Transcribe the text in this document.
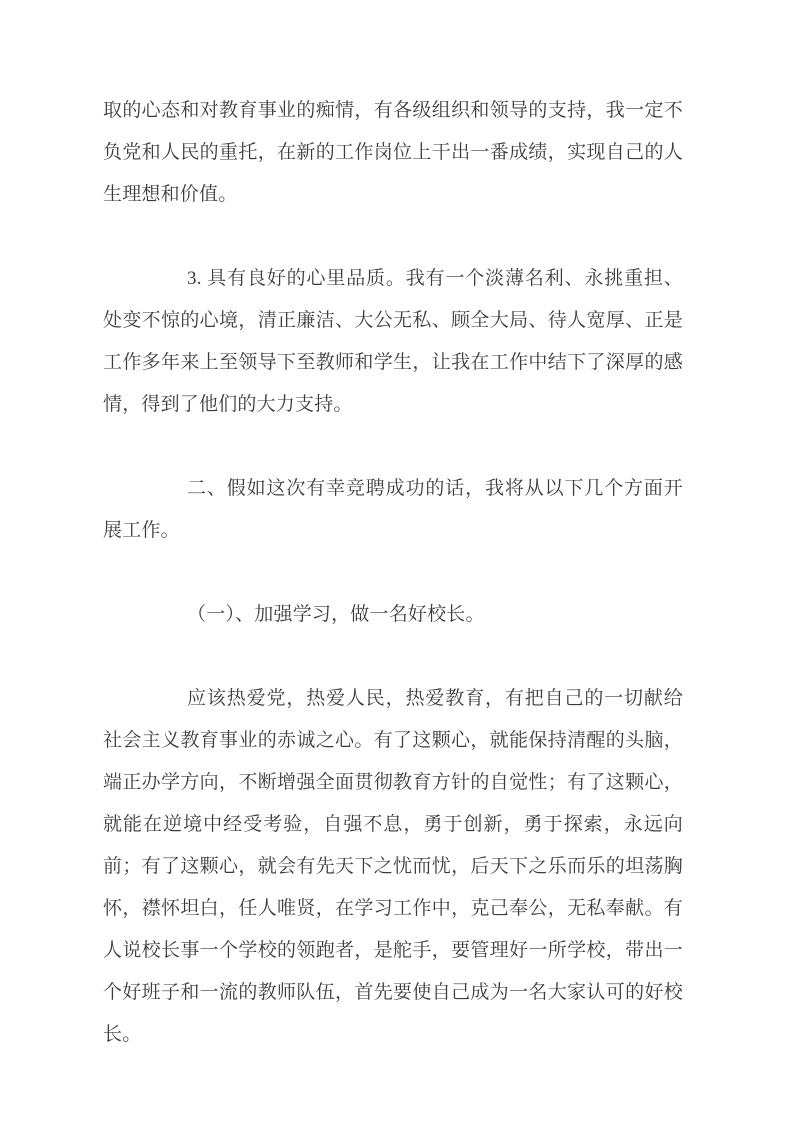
取的心态和对教育事业的痴情，有各级组织和领导的支持，我一定不负党和人民的重托，在新的工作岗位上干出一番成绩，实现自己的人生理想和价值。

3. 具有良好的心里品质。我有一个淡薄名利、永挑重担、处变不惊的心境，清正廉洁、大公无私、顾全大局、待人宽厚、正是工作多年来上至领导下至教师和学生，让我在工作中结下了深厚的感情，得到了他们的大力支持。

二、假如这次有幸竞聘成功的话，我将从以下几个方面开展工作。

（一）、加强学习，做一名好校长。

应该热爱党，热爱人民，热爱教育，有把自己的一切献给社会主义教育事业的赤诚之心。有了这颗心，就能保持清醒的头脑，端正办学方向，不断增强全面贯彻教育方针的自觉性；有了这颗心，就能在逆境中经受考验，自强不息，勇于创新，勇于探索，永远向前；有了这颗心，就会有先天下之忧而忧，后天下之乐而乐的坦荡胸怀，襟怀坦白，任人唯贤，在学习工作中，克己奉公，无私奉献。有人说校长事一个学校的领跑者，是舵手，要管理好一所学校，带出一个好班子和一流的教师队伍，首先要使自己成为一名大家认可的好校长。
